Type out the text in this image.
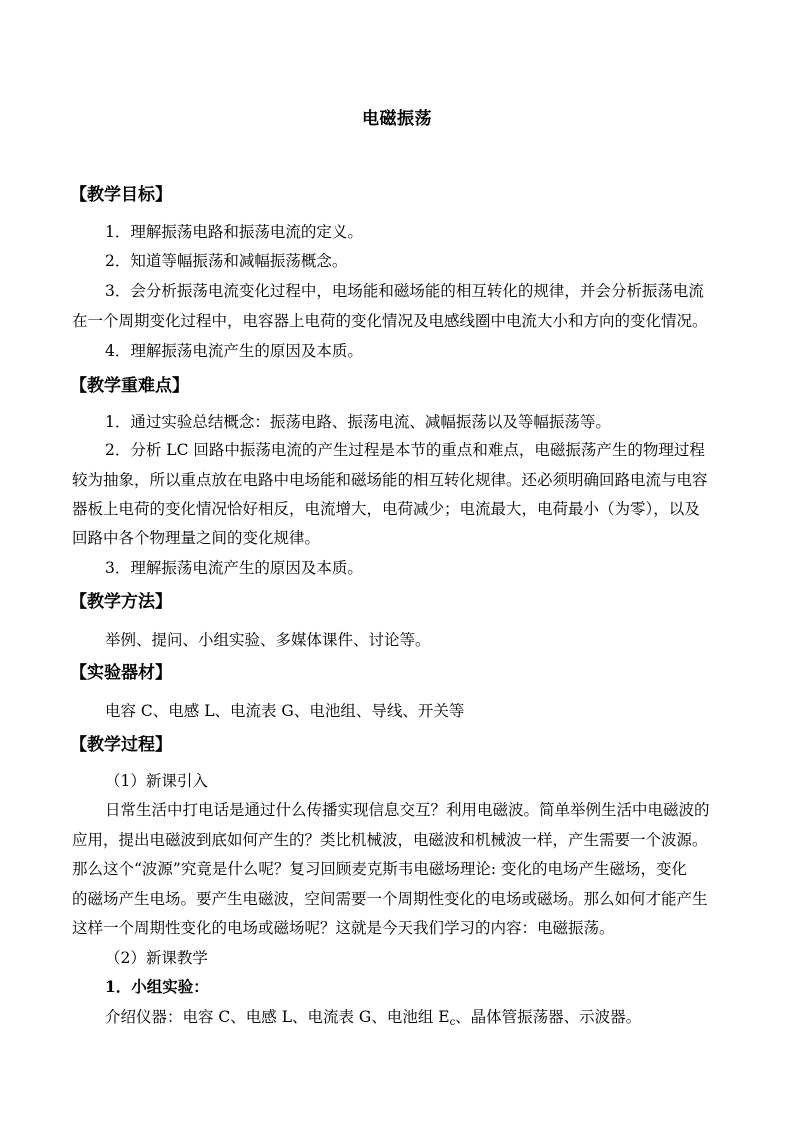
电磁振荡
【教学目标】
1．理解振荡电路和振荡电流的定义。
2．知道等幅振荡和减幅振荡概念。
3．会分析振荡电流变化过程中，电场能和磁场能的相互转化的规律，并会分析振荡电流
在一个周期变化过程中，电容器上电荷的变化情况及电感线圈中电流大小和方向的变化情况。
4．理解振荡电流产生的原因及本质。
【教学重难点】
1．通过实验总结概念：振荡电路、振荡电流、减幅振荡以及等幅振荡等。
2．分析 LC 回路中振荡电流的产生过程是本节的重点和难点，电磁振荡产生的物理过程
较为抽象，所以重点放在电路中电场能和磁场能的相互转化规律。还必须明确回路电流与电容
器板上电荷的变化情况恰好相反，电流增大，电荷减少；电流最大，电荷最小（为零），以及
回路中各个物理量之间的变化规律。
3．理解振荡电流产生的原因及本质。
【教学方法】
举例、提问、小组实验、多媒体课件、讨论等。
【实验器材】
电容 C、电感 L、电流表 G、电池组、导线、开关等
【教学过程】
（1）新课引入
日常生活中打电话是通过什么传播实现信息交互？利用电磁波。简单举例生活中电磁波的
应用，提出电磁波到底如何产生的？类比机械波，电磁波和机械波一样，产生需要一个波源。
那么这个“波源”究竟是什么呢？复习回顾麦克斯韦电磁场理论: 变化的电场产生磁场，变化
的磁场产生电场。要产生电磁波，空间需要一个周期性变化的电场或磁场。那么如何才能产生
这样一个周期性变化的电场或磁场呢？这就是今天我们学习的内容：电磁振荡。
（2）新课教学
1．小组实验：
介绍仪器：电容 C、电感 L、电流表 G、电池组 $E_c$、晶体管振荡器、示波器。
